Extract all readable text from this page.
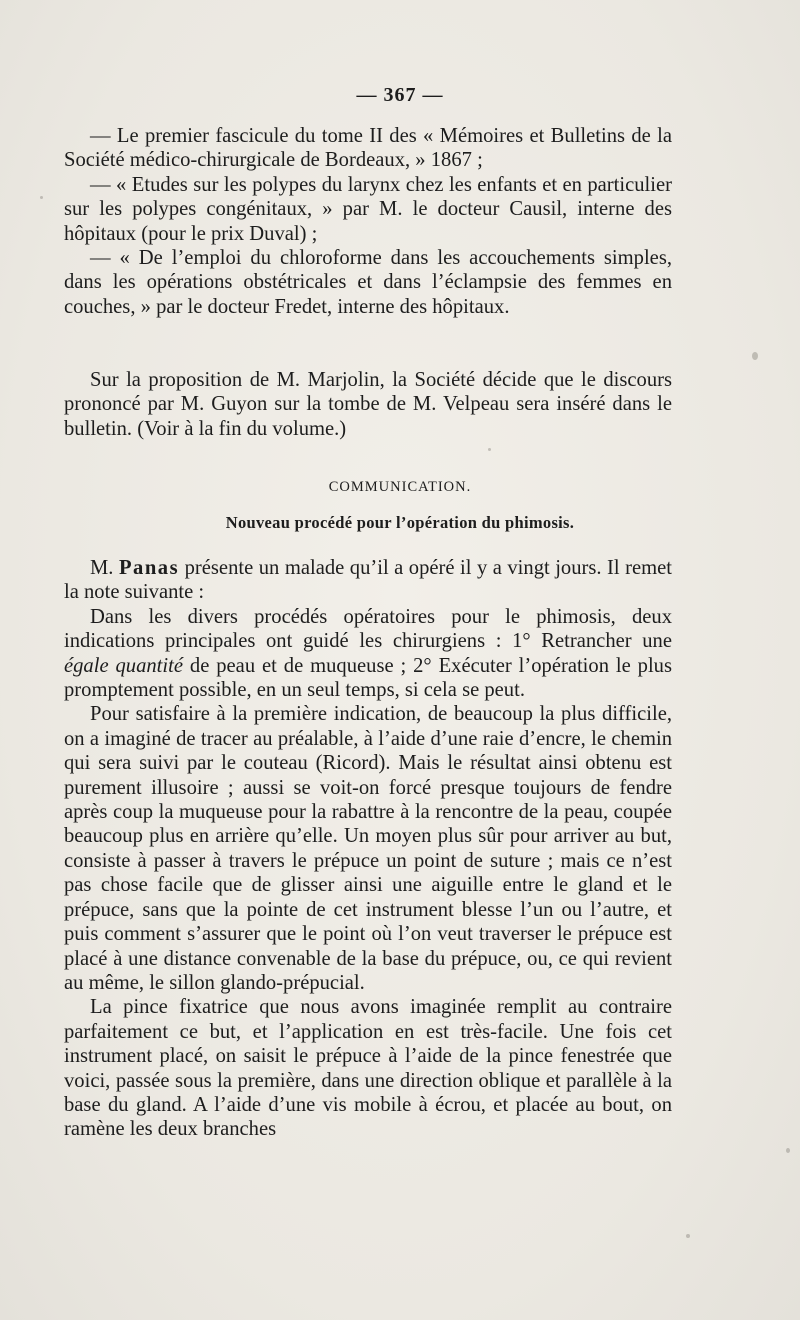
— 367 —

— Le premier fascicule du tome II des « Mémoires et Bulletins de la Société médico-chirurgicale de Bordeaux, » 1867 ;

— « Etudes sur les polypes du larynx chez les enfants et en particulier sur les polypes congénitaux, » par M. le docteur Causil, interne des hôpitaux (pour le prix Duval) ;

— « De l’emploi du chloroforme dans les accouchements simples, dans les opérations obstétricales et dans l’éclampsie des femmes en couches, » par le docteur Fredet, interne des hôpitaux.

Sur la proposition de M. Marjolin, la Société décide que le discours prononcé par M. Guyon sur la tombe de M. Velpeau sera inséré dans le bulletin. (Voir à la fin du volume.)

COMMUNICATION.
Nouveau procédé pour l’opération du phimosis.

M. Panas présente un malade qu’il a opéré il y a vingt jours. Il remet la note suivante :

Dans les divers procédés opératoires pour le phimosis, deux indications principales ont guidé les chirurgiens : 1° Retrancher une égale quantité de peau et de muqueuse ; 2° Exécuter l’opération le plus promptement possible, en un seul temps, si cela se peut.

Pour satisfaire à la première indication, de beaucoup la plus difficile, on a imaginé de tracer au préalable, à l’aide d’une raie d’encre, le chemin qui sera suivi par le couteau (Ricord). Mais le résultat ainsi obtenu est purement illusoire ; aussi se voit-on forcé presque toujours de fendre après coup la muqueuse pour la rabattre à la rencontre de la peau, coupée beaucoup plus en arrière qu’elle. Un moyen plus sûr pour arriver au but, consiste à passer à travers le prépuce un point de suture ; mais ce n’est pas chose facile que de glisser ainsi une aiguille entre le gland et le prépuce, sans que la pointe de cet instrument blesse l’un ou l’autre, et puis comment s’assurer que le point où l’on veut traverser le prépuce est placé à une distance convenable de la base du prépuce, ou, ce qui revient au même, le sillon glando-prépucial.

La pince fixatrice que nous avons imaginée remplit au contraire parfaitement ce but, et l’application en est très-facile. Une fois cet instrument placé, on saisit le prépuce à l’aide de la pince fenestrée que voici, passée sous la première, dans une direction oblique et parallèle à la base du gland. A l’aide d’une vis mobile à écrou, et placée au bout, on ramène les deux branches
